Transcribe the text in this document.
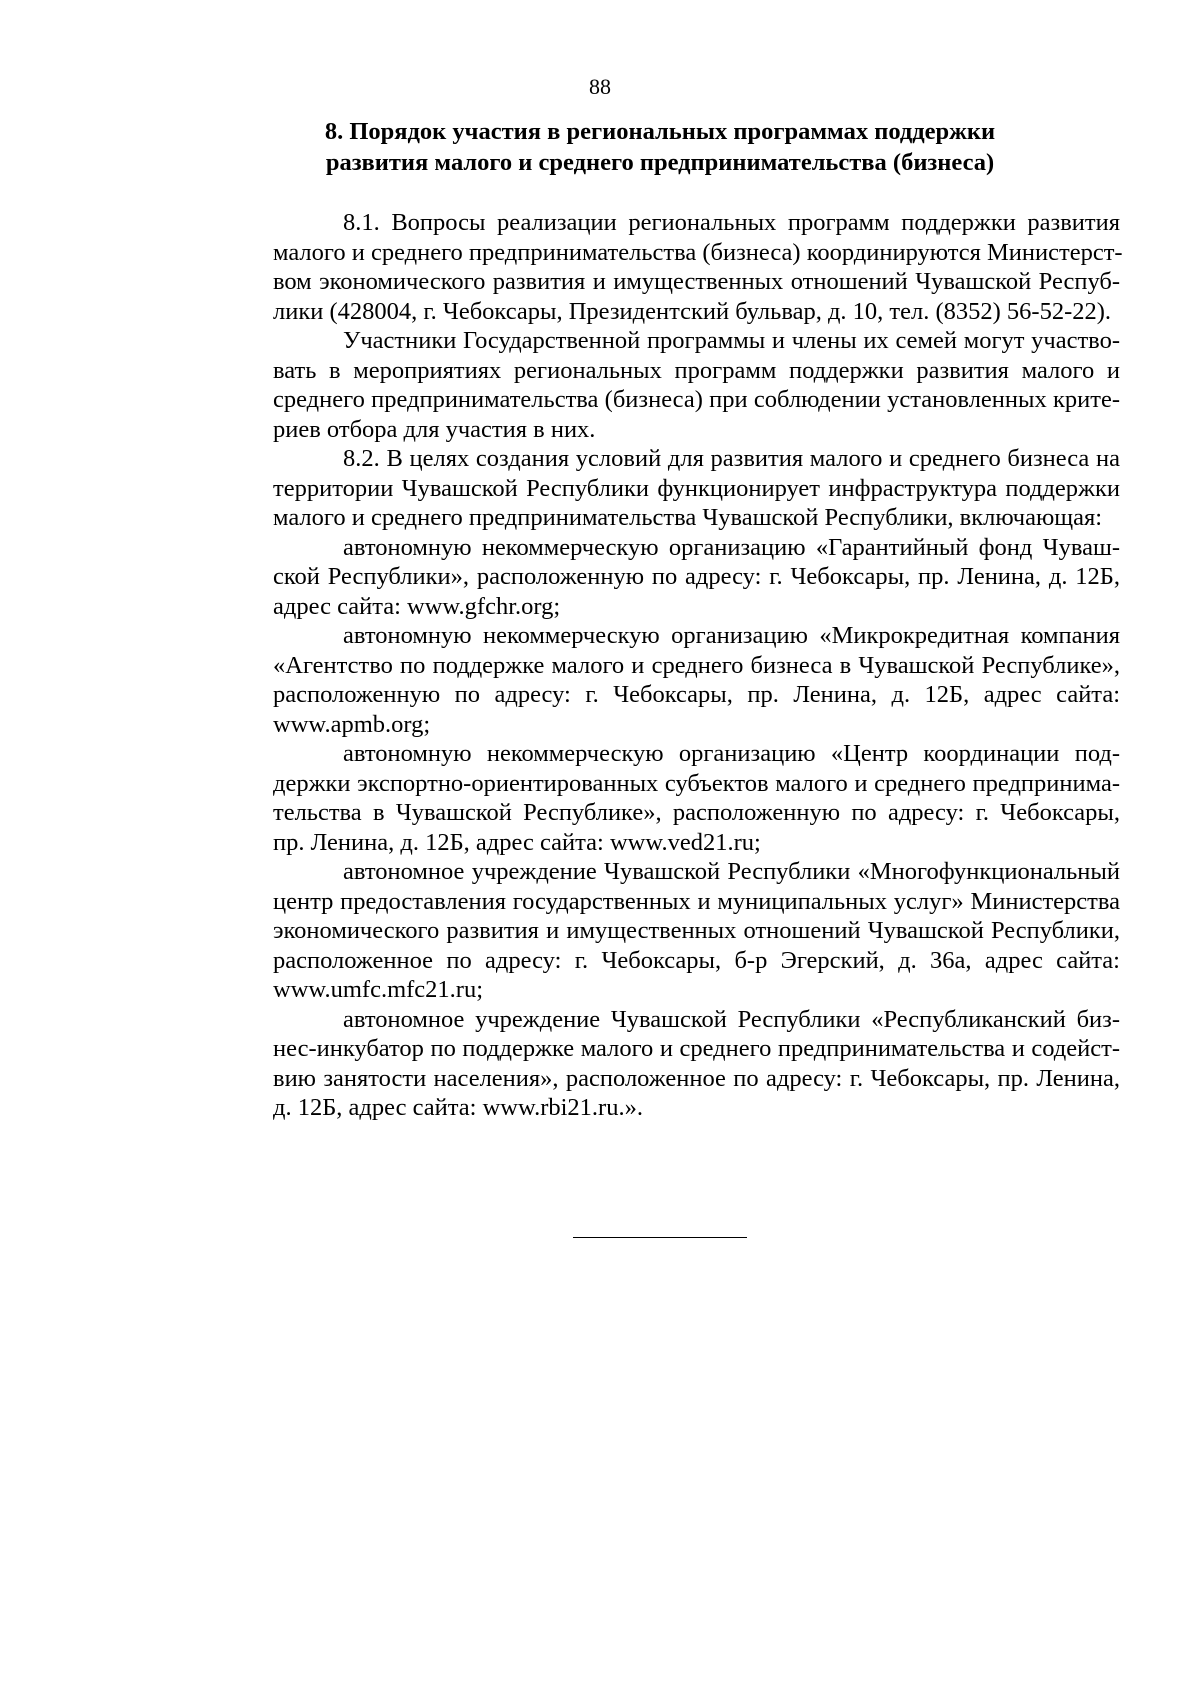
88
8. Порядок участия в региональных программах поддержки
развития малого и среднего предпринимательства (бизнеса)

8.1. Вопросы реализации региональных программ поддержки развития
малого и среднего предпринимательства (бизнеса) координируются Министерст-
вом экономического развития и имущественных отношений Чувашской Респуб-
лики (428004, г. Чебоксары, Президентский бульвар, д. 10, тел. (8352) 56-52-22).

Участники Государственной программы и члены их семей могут участво-
вать в мероприятиях региональных программ поддержки развития малого и
среднего предпринимательства (бизнеса) при соблюдении установленных крите-
риев отбора для участия в них.

8.2. В целях создания условий для развития малого и среднего бизнеса на
территории Чувашской Республики функционирует инфраструктура поддержки
малого и среднего предпринимательства Чувашской Республики, включающая:

автономную некоммерческую организацию «Гарантийный фонд Чуваш-
ской Республики», расположенную по адресу: г. Чебоксары, пр. Ленина, д. 12Б,
адрес сайта: www.gfchr.org;

автономную некоммерческую организацию «Микрокредитная компания
«Агентство по поддержке малого и среднего бизнеса в Чувашской Республике»,
расположенную по адресу: г. Чебоксары, пр. Ленина, д. 12Б, адрес сайта:
www.apmb.org;

автономную некоммерческую организацию «Центр координации под-
держки экспортно-ориентированных субъектов малого и среднего предпринима-
тельства в Чувашской Республике», расположенную по адресу: г. Чебоксары,
пр. Ленина, д. 12Б, адрес сайта: www.ved21.ru;

автономное учреждение Чувашской Республики «Многофункциональный
центр предоставления государственных и муниципальных услуг» Министерства
экономического развития и имущественных отношений Чувашской Республики,
расположенное по адресу: г. Чебоксары, б-р Эгерский, д. 36а, адрес сайта:
www.umfc.mfc21.ru;

автономное учреждение Чувашской Республики «Республиканский биз-
нес-инкубатор по поддержке малого и среднего предпринимательства и содейст-
вию занятости населения», расположенное по адресу: г. Чебоксары, пр. Ленина,
д. 12Б, адрес сайта: www.rbi21.ru.».
